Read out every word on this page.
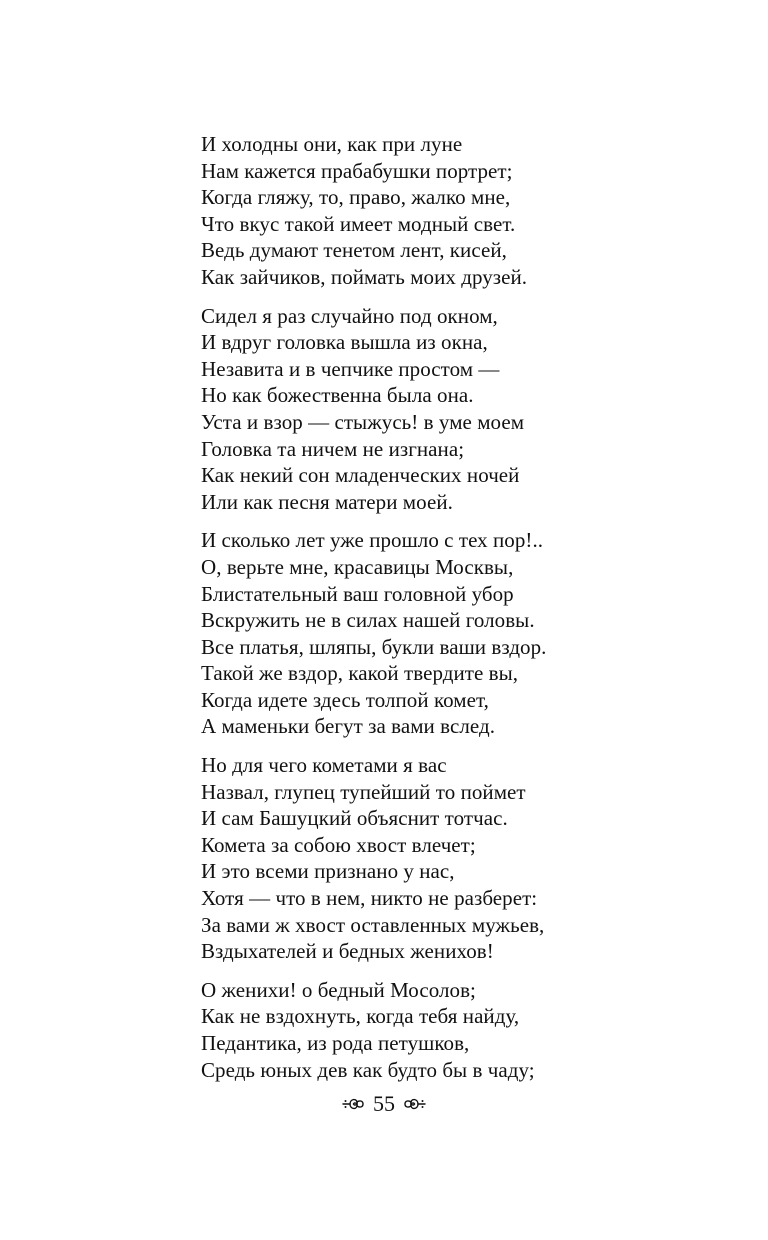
И холодны они, как при луне
Нам кажется прабабушки портрет;
Когда гляжу, то, право, жалко мне,
Что вкус такой имеет модный свет.
Ведь думают тенетом лент, кисей,
Как зайчиков, поймать моих друзей.
Сидел я раз случайно под окном,
И вдруг головка вышла из окна,
Незавита и в чепчике простом —
Но как божественна была она.
Уста и взор — стыжусь! в уме моем
Головка та ничем не изгнана;
Как некий сон младенческих ночей
Или как песня матери моей.
И сколько лет уже прошло с тех пор!..
О, верьте мне, красавицы Москвы,
Блистательный ваш головной убор
Вскружить не в силах нашей головы.
Все платья, шляпы, букли ваши вздор.
Такой же вздор, какой твердите вы,
Когда идете здесь толпой комет,
А маменьки бегут за вами вслед.
Но для чего кометами я вас
Назвал, глупец тупейший то поймет
И сам Башуцкий объяснит тотчас.
Комета за собою хвост влечет;
И это всеми признано у нас,
Хотя — что в нем, никто не разберет:
За вами ж хвост оставленных мужьев,
Вздыхателей и бедных женихов!
О женихи! о бедный Мосолов;
Как не вздохнуть, когда тебя найду,
Педантика, из рода петушков,
Средь юных дев как будто бы в чаду;
55
